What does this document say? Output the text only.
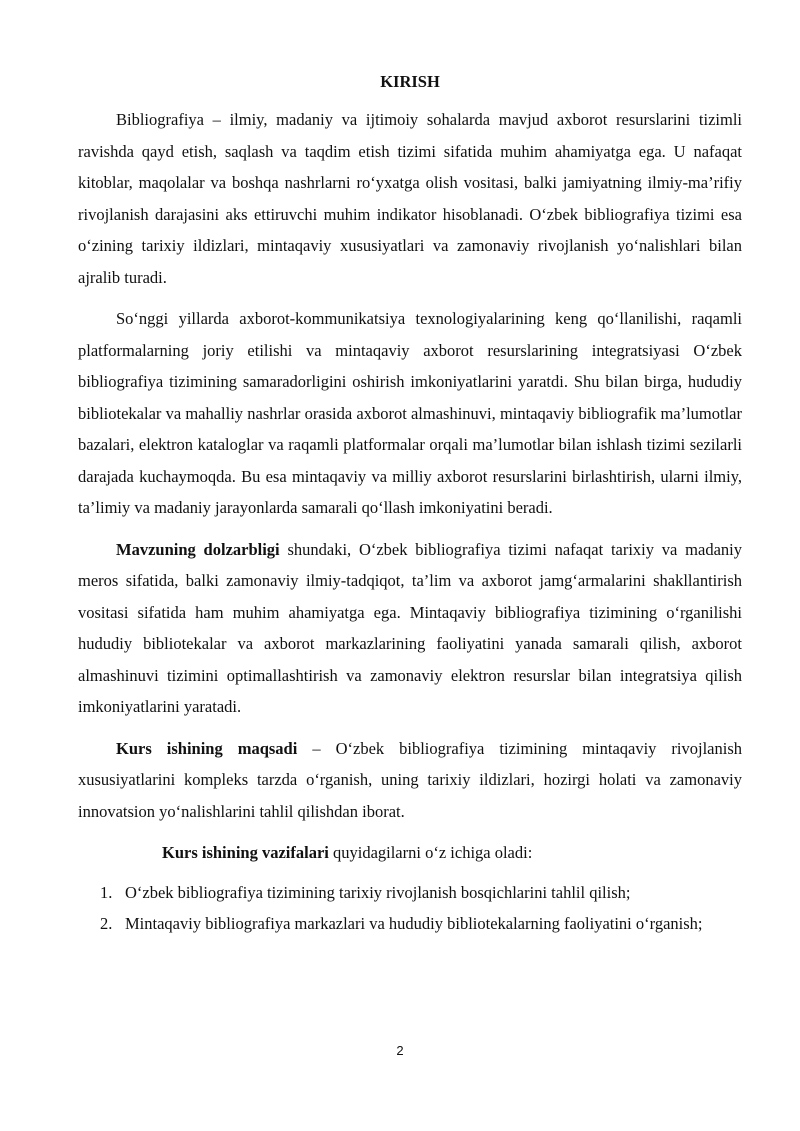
KIRISH

Bibliografiya – ilmiy, madaniy va ijtimoiy sohalarda mavjud axborot resurslarini tizimli ravishda qayd etish, saqlash va taqdim etish tizimi sifatida muhim ahamiyatga ega. U nafaqat kitoblar, maqolalar va boshqa nashrlarni ro‘yxatga olish vositasi, balki jamiyatning ilmiy-ma’rifiy rivojlanish darajasini aks ettiruvchi muhim indikator hisoblanadi. O‘zbek bibliografiya tizimi esa o‘zining tarixiy ildizlari, mintaqaviy xususiyatlari va zamonaviy rivojlanish yo‘nalishlari bilan ajralib turadi.

So‘nggi yillarda axborot-kommunikatsiya texnologiyalarining keng qo‘llanilishi, raqamli platformalarning joriy etilishi va mintaqaviy axborot resurslarining integratsiyasi O‘zbek bibliografiya tizimining samaradorligini oshirish imkoniyatlarini yaratdi. Shu bilan birga, hududiy bibliotekalar va mahalliy nashrlar orasida axborot almashinuvi, mintaqaviy bibliografik ma’lumotlar bazalari, elektron kataloglar va raqamli platformalar orqali ma’lumotlar bilan ishlash tizimi sezilarli darajada kuchaymoqda. Bu esa mintaqaviy va milliy axborot resurslarini birlashtirish, ularni ilmiy, ta’limiy va madaniy jarayonlarda samarali qo‘llash imkoniyatini beradi.

Mavzuning dolzarbligi shundaki, O‘zbek bibliografiya tizimi nafaqat tarixiy va madaniy meros sifatida, balki zamonaviy ilmiy-tadqiqot, ta’lim va axborot jamg‘armalarini shakllantirish vositasi sifatida ham muhim ahamiyatga ega. Mintaqaviy bibliografiya tizimining o‘rganilishi hududiy bibliotekalar va axborot markazlarining faoliyatini yanada samarali qilish, axborot almashinuvi tizimini optimallashtirish va zamonaviy elektron resurslar bilan integratsiya qilish imkoniyatlarini yaratadi.

Kurs ishining maqsadi – O‘zbek bibliografiya tizimining mintaqaviy rivojlanish xususiyatlarini kompleks tarzda o‘rganish, uning tarixiy ildizlari, hozirgi holati va zamonaviy innovatsion yo‘nalishlarini tahlil qilishdan iborat.

Kurs ishining vazifalari quyidagilarni o‘z ichiga oladi:

1. O‘zbek bibliografiya tizimining tarixiy rivojlanish bosqichlarini tahlil qilish;
2. Mintaqaviy bibliografiya markazlari va hududiy bibliotekalarning faoliyatini o‘rganish;
2
